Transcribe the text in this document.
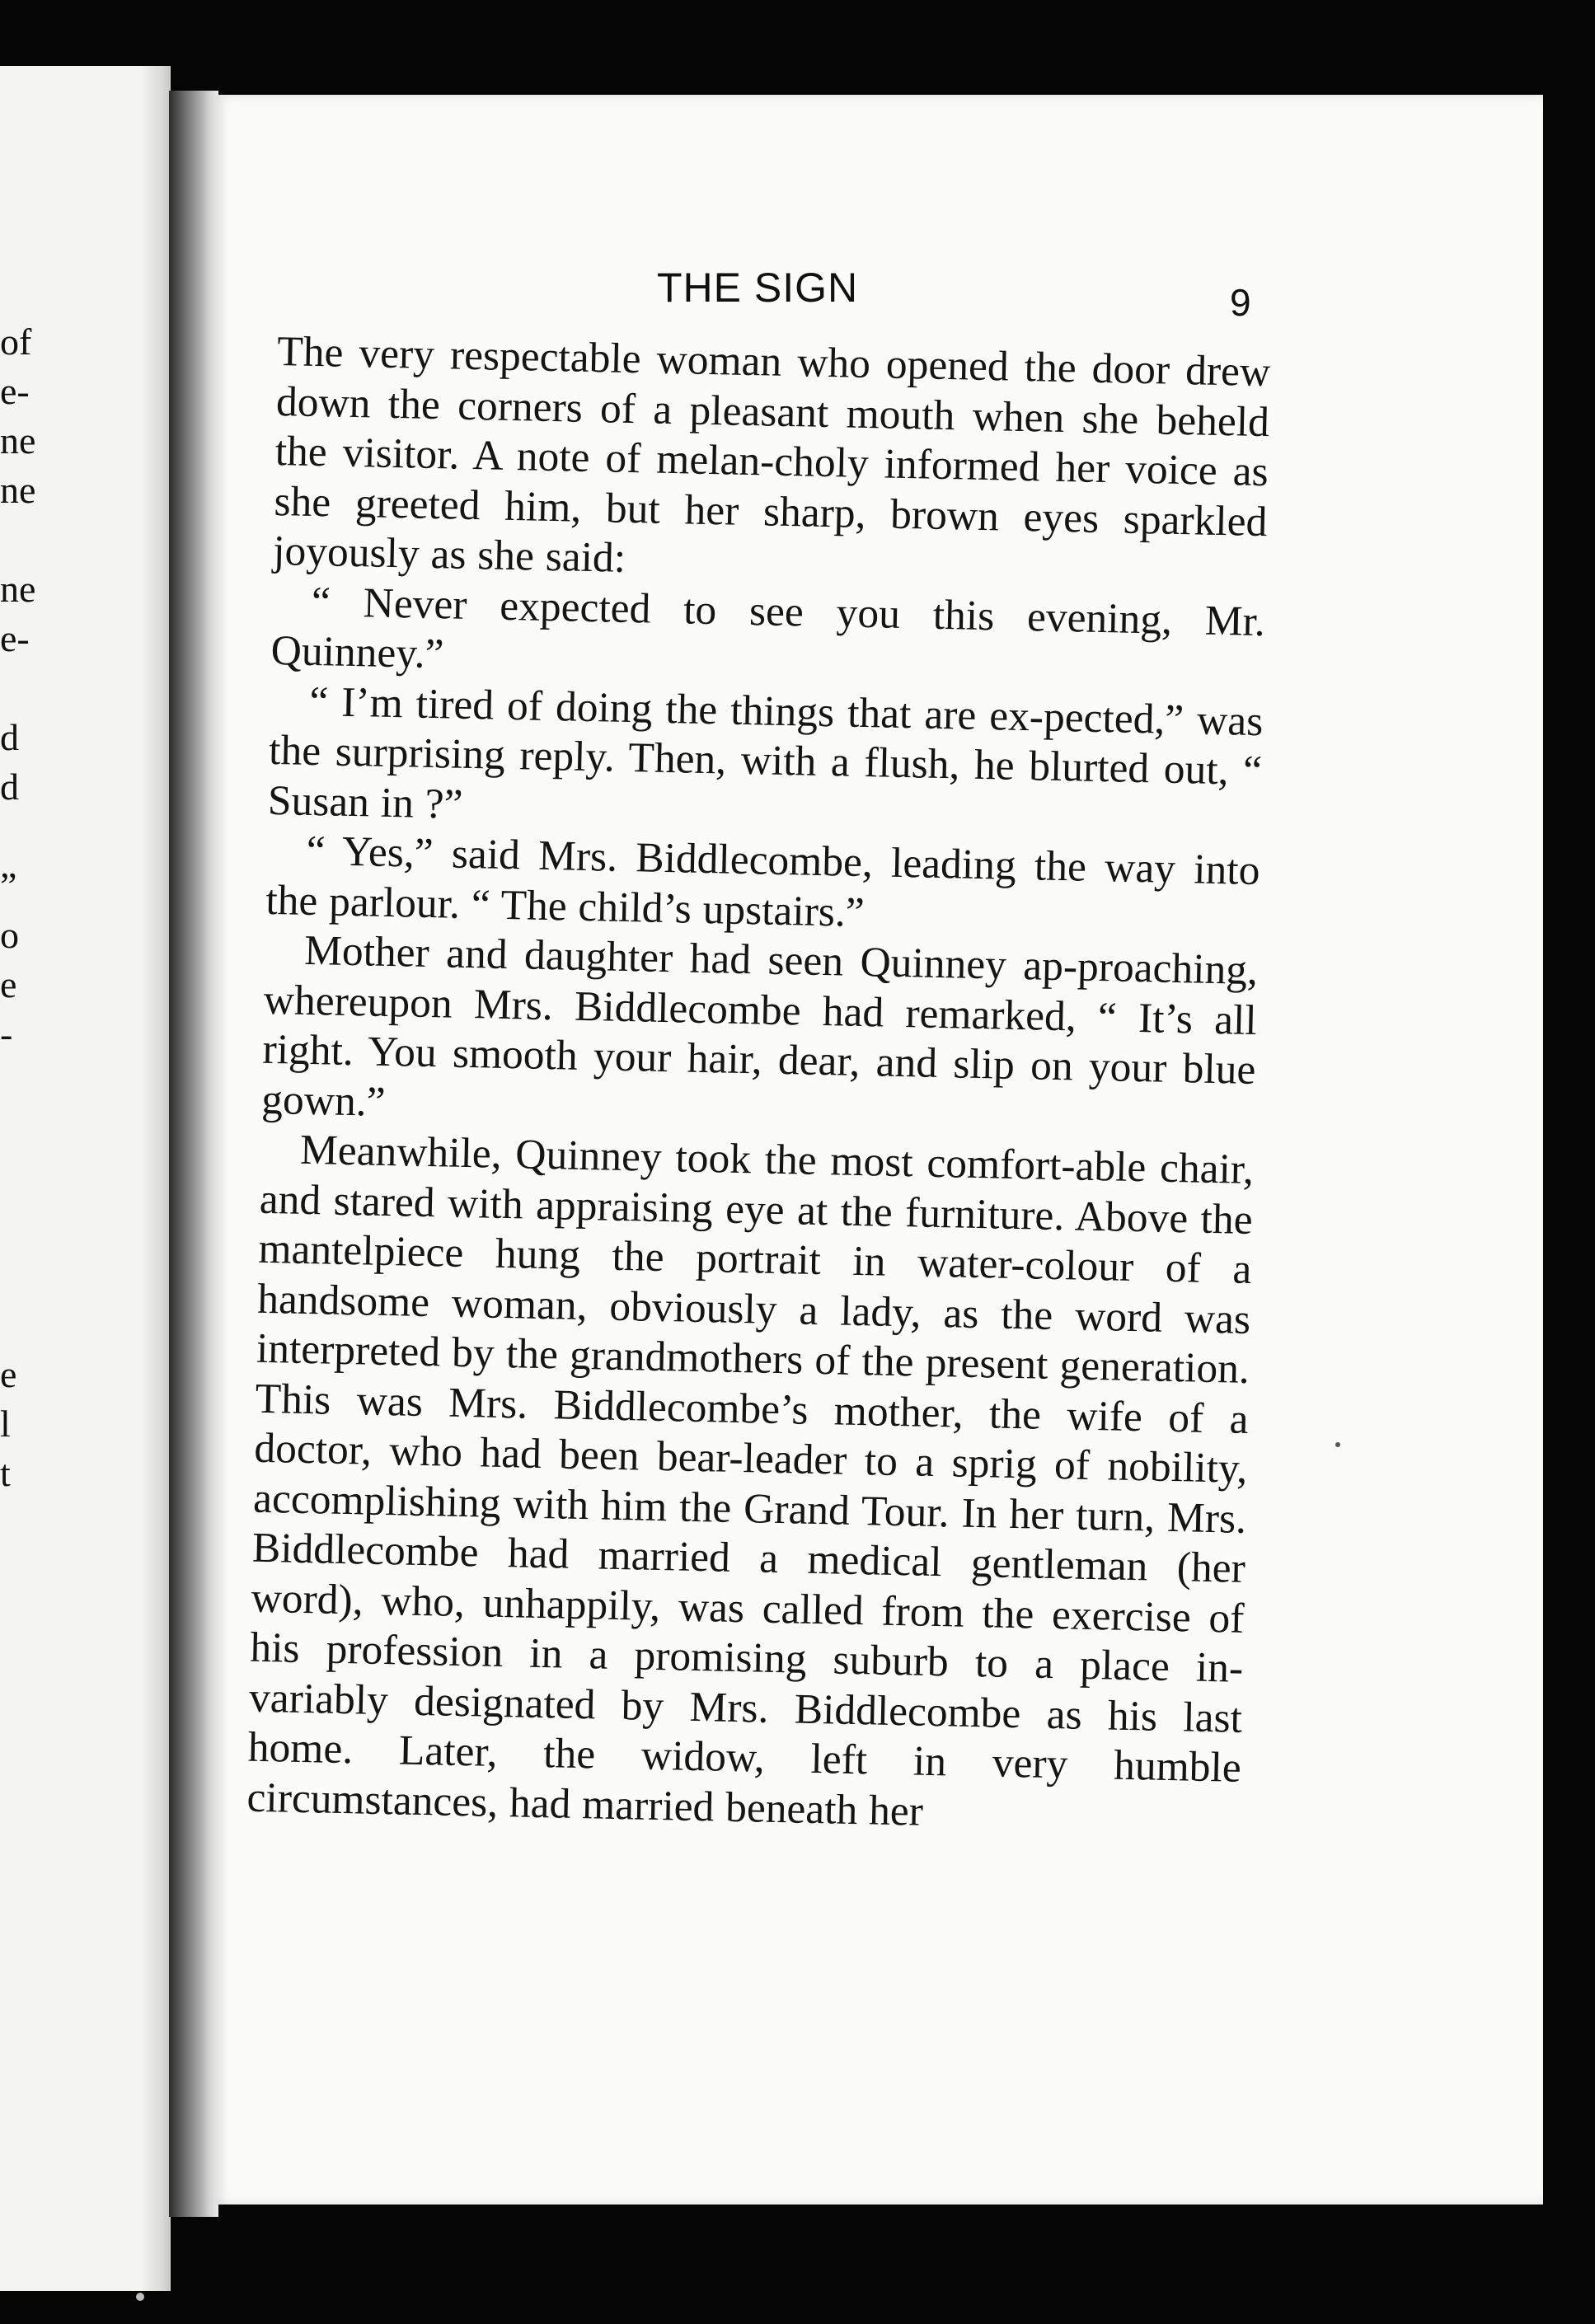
of
e-
ne
ne
ne
e-
d
d
”
o
e
-
e
l
t
THE SIGN	9

The very respectable woman who opened the door drew down the corners of a pleasant mouth when she beheld the visitor. A note of melan-choly informed her voice as she greeted him, but her sharp, brown eyes sparkled joyously as she said:

“ Never expected to see you this evening, Mr. Quinney.”

“ I’m tired of doing the things that are ex-pected,” was the surprising reply. Then, with a flush, he blurted out, “ Susan in ?”

“ Yes,” said Mrs. Biddlecombe, leading the way into the parlour. “ The child’s upstairs.”

Mother and daughter had seen Quinney ap-proaching, whereupon Mrs. Biddlecombe had remarked, “ It’s all right. You smooth your hair, dear, and slip on your blue gown.”

Meanwhile, Quinney took the most comfort-able chair, and stared with appraising eye at the furniture. Above the mantelpiece hung the portrait in water-colour of a handsome woman, obviously a lady, as the word was interpreted by the grandmothers of the present generation. This was Mrs. Biddlecombe’s mother, the wife of a doctor, who had been bear-leader to a sprig of nobility, accomplishing with him the Grand Tour. In her turn, Mrs. Biddlecombe had married a medical gentleman (her word), who, unhappily, was called from the exercise of his profession in a promising suburb to a place in-variably designated by Mrs. Biddlecombe as his last home. Later, the widow, left in very humble circumstances, had married beneath her
